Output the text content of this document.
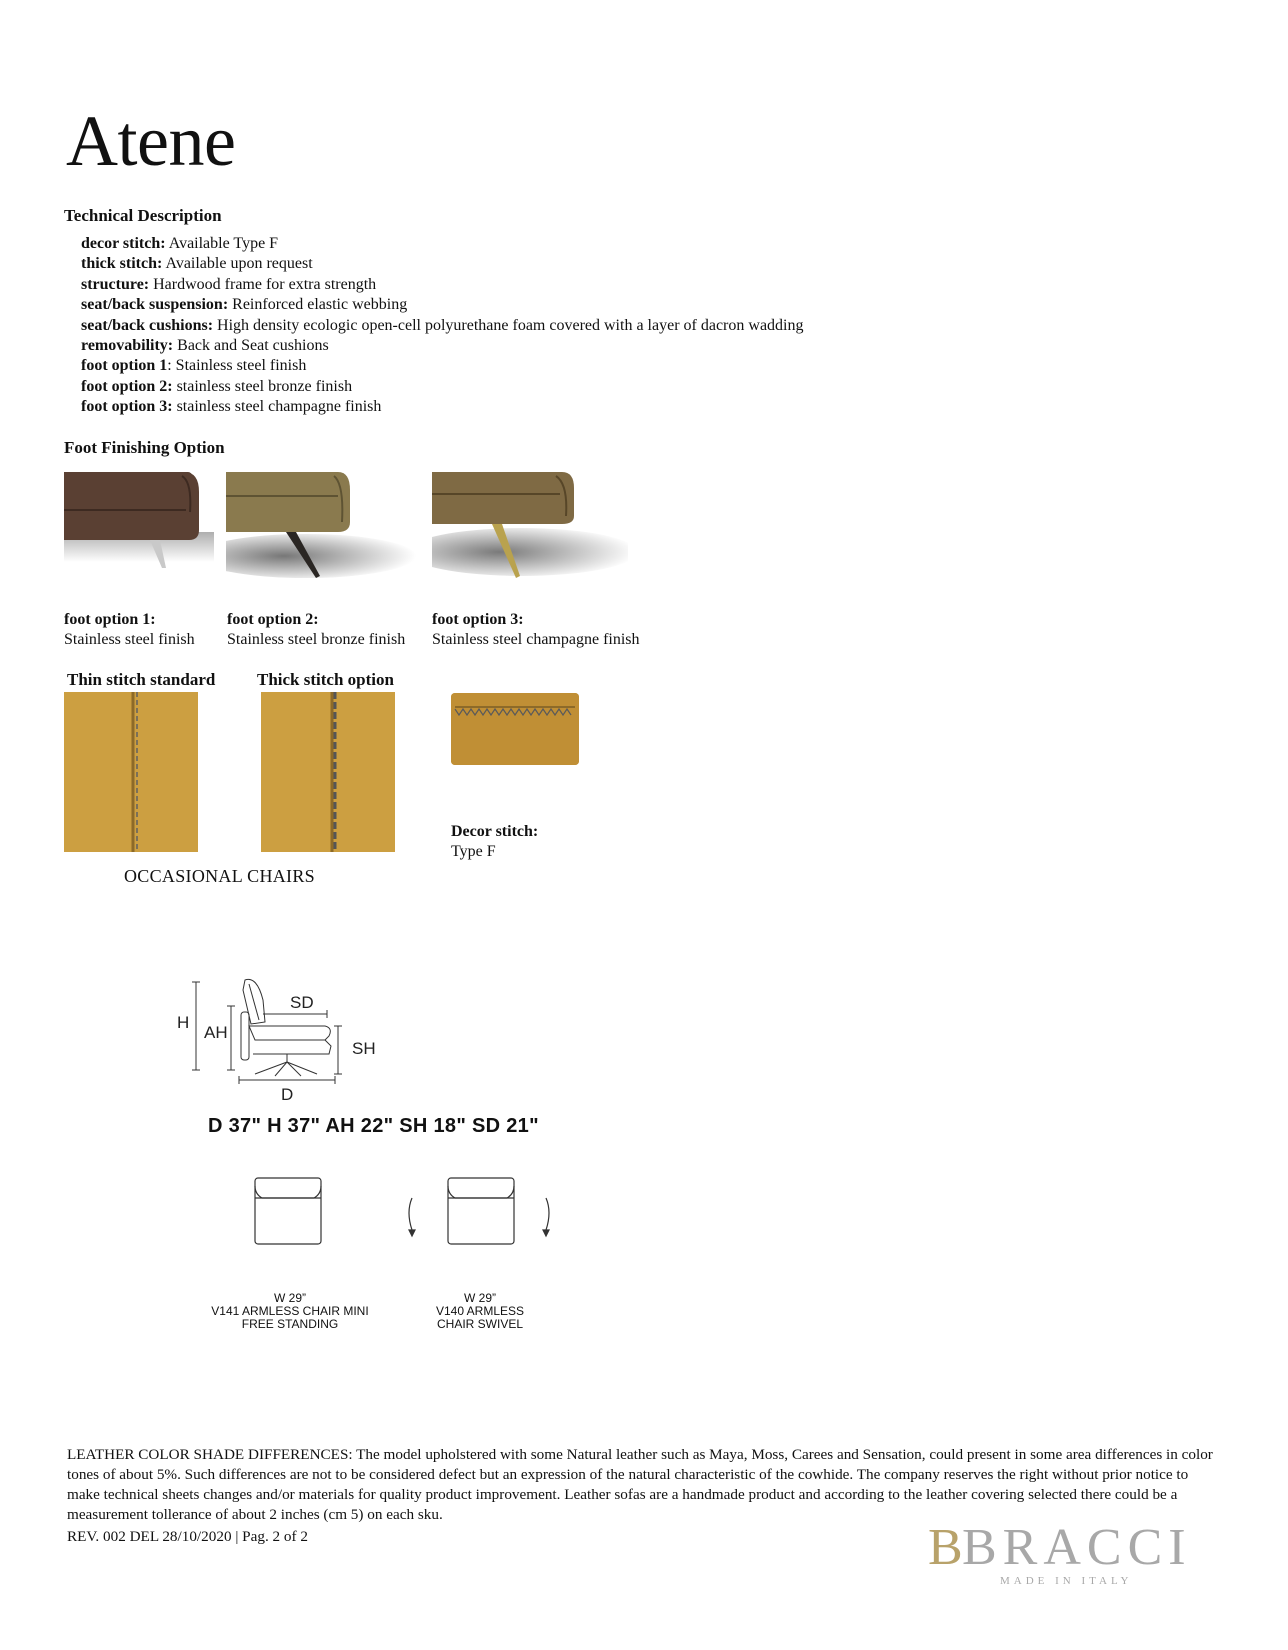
Atene
Technical Description
decor stitch: Available Type F
thick stitch: Available upon request
structure: Hardwood frame for extra strength
seat/back suspension: Reinforced elastic webbing
seat/back cushions: High density ecologic open-cell polyurethane foam covered with a layer of dacron wadding
removability: Back and Seat cushions
foot option 1: Stainless steel finish
foot option 2: stainless steel bronze finish
foot option 3: stainless steel champagne finish
Foot Finishing Option
foot option 1:
Stainless steel finish
foot option 2:
Stainless steel bronze finish
foot option 3:
Stainless steel champagne finish
Thin stitch standard Thick stitch option
Decor stitch:
Type F
OCCASIONAL CHAIRS
H
AH
SD
SH
D
D 37" H 37" AH 22" SH 18" SD 21"
W 29”
V141 ARMLESS CHAIR MINI
FREE STANDING
W 29”
V140 ARMLESS
CHAIR SWIVEL
LEATHER COLOR SHADE DIFFERENCES: The model upholstered with some Natural leather such as Maya, Moss, Carees and Sensation, could present in some area differences in color tones of about 5%. Such differences are not to be considered defect but an expression of the natural characteristic of the cowhide. The company reserves the right without prior notice to make technical sheets changes and/or materials for quality product improvement. Leather sofas are a handmade product and according to the leather covering selected there could be a measurement tollerance of about 2 inches (cm 5) on each sku.
REV. 002 DEL 28/10/2020 | Pag. 2 of 2	B
BRACCI
MADE IN ITALY
